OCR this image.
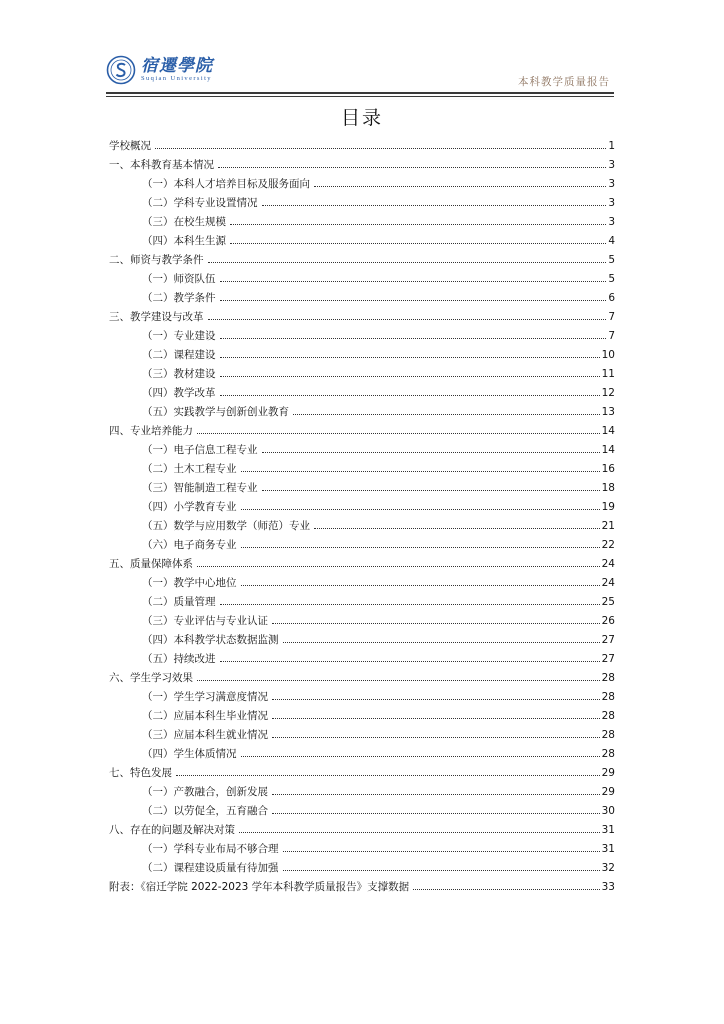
宿遷學院
Suqian University	本科教学质量报告
目录
学校概况	1
一、本科教育基本情况	3
（一）本科人才培养目标及服务面向	3
（二）学科专业设置情况	3
（三）在校生规模	3
（四）本科生生源	4
二、师资与教学条件	5
（一）师资队伍	5
（二）教学条件	6
三、教学建设与改革	7
（一）专业建设	7
（二）课程建设	10
（三）教材建设	11
（四）教学改革	12
（五）实践教学与创新创业教育	13
四、专业培养能力	14
（一）电子信息工程专业	14
（二）土木工程专业	16
（三）智能制造工程专业	18
（四）小学教育专业	19
（五）数学与应用数学（师范）专业	21
（六）电子商务专业	22
五、质量保障体系	24
（一）教学中心地位	24
（二）质量管理	25
（三）专业评估与专业认证	26
（四）本科教学状态数据监测	27
（五）持续改进	27
六、学生学习效果	28
（一）学生学习满意度情况	28
（二）应届本科生毕业情况	28
（三）应届本科生就业情况	28
（四）学生体质情况	28
七、特色发展	29
（一）产教融合，创新发展	29
（二）以劳促全，五育融合	30
八、存在的问题及解决对策	31
（一）学科专业布局不够合理	31
（二）课程建设质量有待加强	32
附表：《宿迁学院 2022-2023 学年本科教学质量报告》支撑数据	33
